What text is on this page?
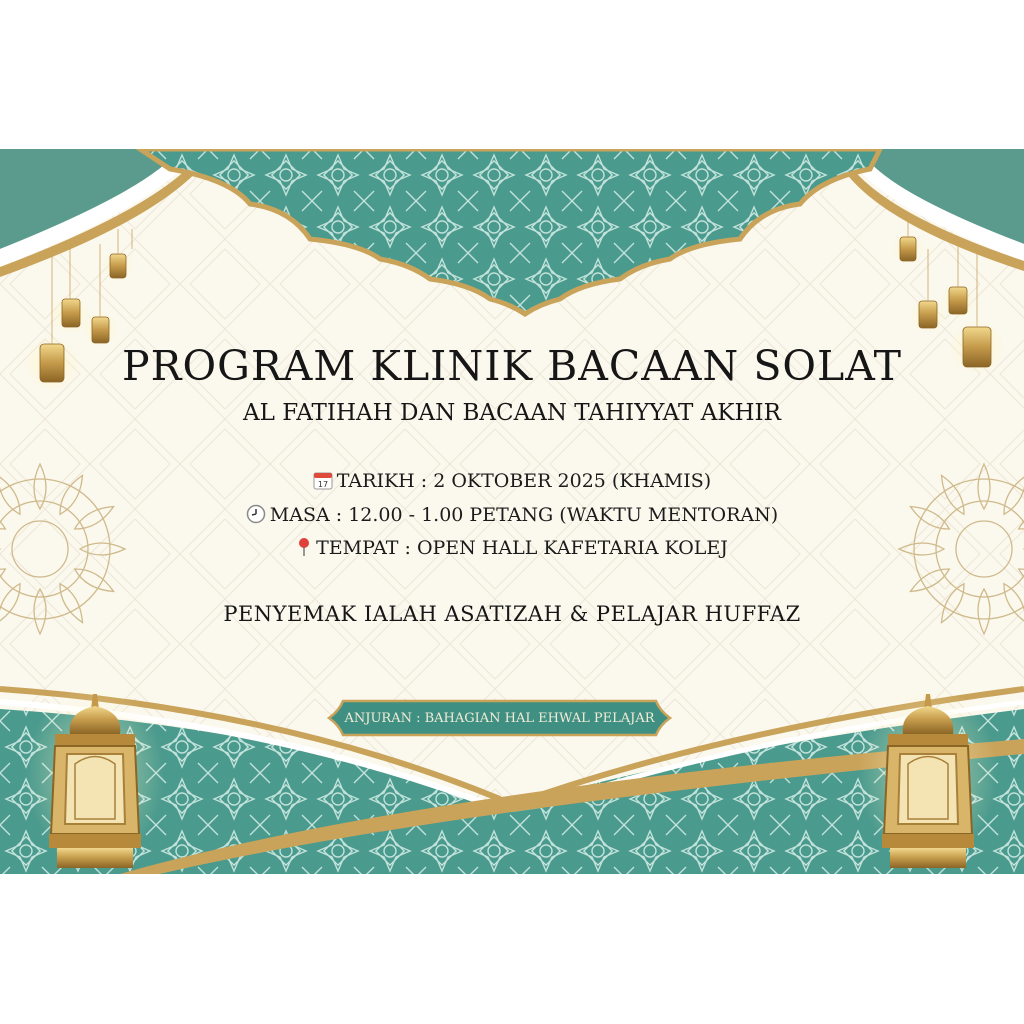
PROGRAM KLINIK BACAAN SOLAT
AL FATIHAH DAN BACAAN TAHIYYAT AKHIR
17 TARIKH : 2 OKTOBER 2025 (KHAMIS)
MASA : 12.00 - 1.00 PETANG (WAKTU MENTORAN)
TEMPAT : OPEN HALL KAFETARIA KOLEJ
PENYEMAK IALAH ASATIZAH & PELAJAR HUFFAZ
ANJURAN : BAHAGIAN HAL EHWAL PELAJAR
